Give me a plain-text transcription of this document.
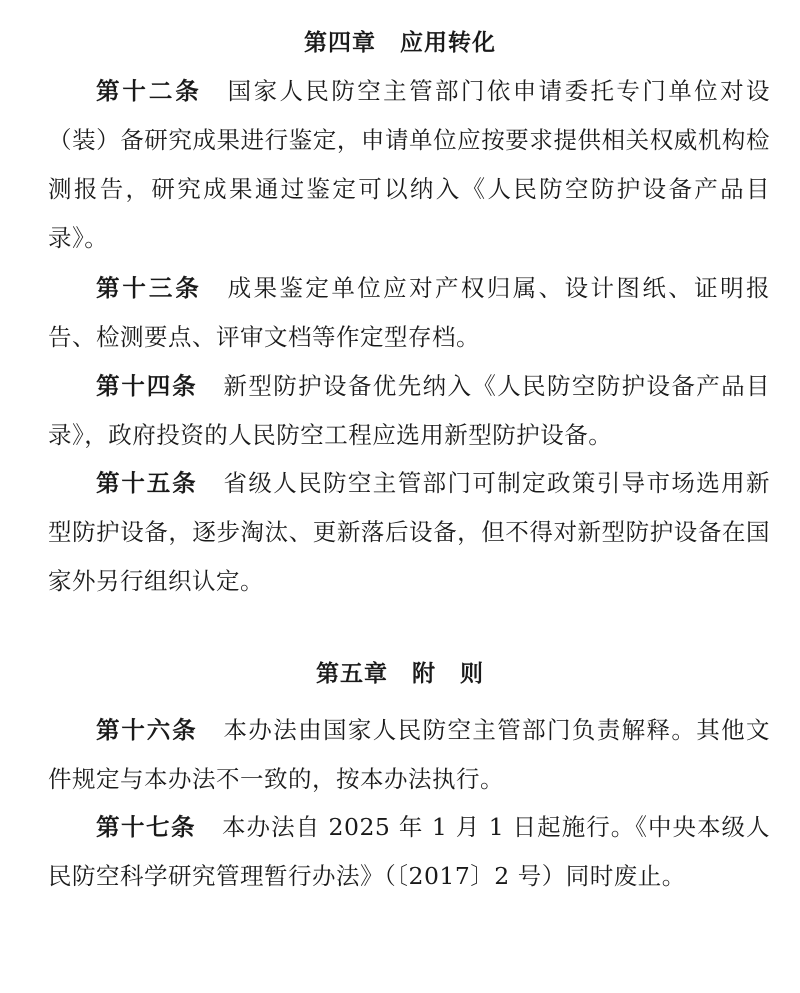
第四章　应用转化

第十二条 国家人民防空主管部门依申请委托专门单位对设（装）备研究成果进行鉴定，申请单位应按要求提供相关权威机构检测报告，研究成果通过鉴定可以纳入《人民防空防护设备产品目录》。

第十三条 成果鉴定单位应对产权归属、设计图纸、证明报告、检测要点、评审文档等作定型存档。

第十四条 新型防护设备优先纳入《人民防空防护设备产品目录》，政府投资的人民防空工程应选用新型防护设备。

第十五条 省级人民防空主管部门可制定政策引导市场选用新型防护设备，逐步淘汰、更新落后设备，但不得对新型防护设备在国家外另行组织认定。

第五章　附　则

第十六条 本办法由国家人民防空主管部门负责解释。其他文件规定与本办法不一致的，按本办法执行。

第十七条 本办法自 2025 年 1 月 1 日起施行。《中央本级人民防空科学研究管理暂行办法》（〔2017〕2 号）同时废止。
